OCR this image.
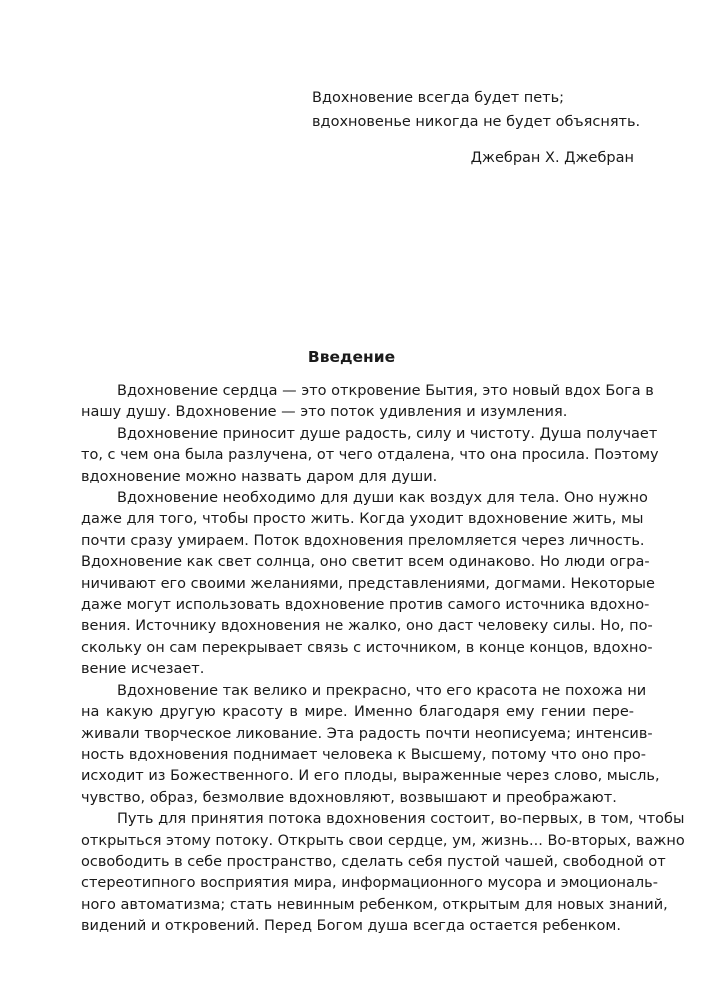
Вдохновение всегда будет петь;
вдохновенье никогда не будет объяснять.
Джебран Х. Джебран
Введение
Вдохновение сердца — это откровение Бытия, это новый вдох Бога в
нашу душу. Вдохновение — это поток удивления и изумления.
Вдохновение приносит душе радость, силу и чистоту. Душа получает
то, с чем она была разлучена, от чего отдалена, что она просила. Поэтому
вдохновение можно назвать даром для души.
Вдохновение необходимо для души как воздух для тела. Оно нужно
даже для того, чтобы просто жить. Когда уходит вдохновение жить, мы
почти сразу умираем. Поток вдохновения преломляется через личность.
Вдохновение как свет солнца, оно светит всем одинаково. Но люди огра-
ничивают его своими желаниями, представлениями, догмами. Некоторые
даже могут использовать вдохновение против самого источника вдохно-
вения. Источнику вдохновения не жалко, оно даст человеку силы. Но, по-
скольку он сам перекрывает связь с источником, в конце концов, вдохно-
вение исчезает.
Вдохновение так велико и прекрасно, что его красота не похожа ни
на какую другую красоту в мире. Именно благодаря ему гении пере-
живали творческое ликование. Эта радость почти неописуема; интенсив-
ность вдохновения поднимает человека к Высшему, потому что оно про-
исходит из Божественного. И его плоды, выраженные через слово, мысль,
чувство, образ, безмолвие вдохновляют, возвышают и преображают.
Путь для принятия потока вдохновения состоит, во-первых, в том, чтобы
открыться этому потоку. Открыть свои сердце, ум, жизнь... Во-вторых, важно
освободить в себе пространство, сделать себя пустой чашей, свободной от
стереотипного восприятия мира, информационного мусора и эмоциональ-
ного автоматизма; стать невинным ребенком, открытым для новых знаний,
видений и откровений. Перед Богом душа всегда остается ребенком.
